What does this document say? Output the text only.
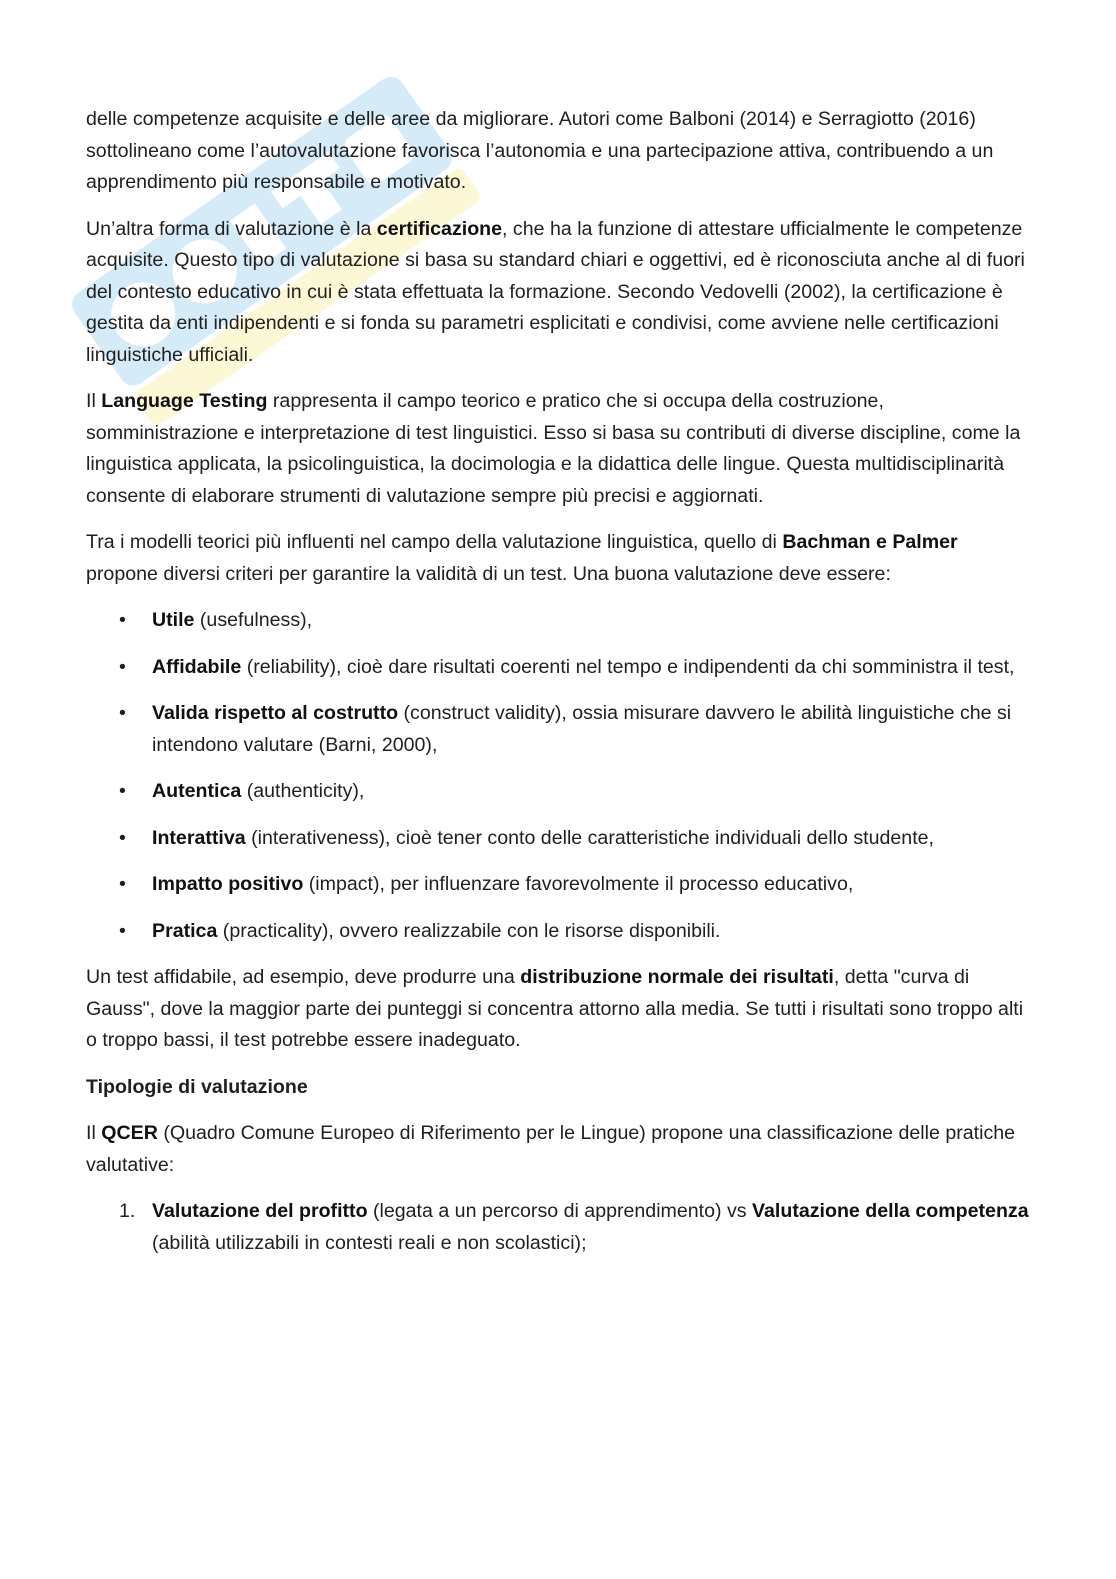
delle competenze acquisite e delle aree da migliorare. Autori come Balboni (2014) e Serragiotto (2016) sottolineano come l’autovalutazione favorisca l’autonomia e una partecipazione attiva, contribuendo a un apprendimento più responsabile e motivato.

Un’altra forma di valutazione è la certificazione, che ha la funzione di attestare ufficialmente le competenze acquisite. Questo tipo di valutazione si basa su standard chiari e oggettivi, ed è riconosciuta anche al di fuori del contesto educativo in cui è stata effettuata la formazione. Secondo Vedovelli (2002), la certificazione è gestita da enti indipendenti e si fonda su parametri esplicitati e condivisi, come avviene nelle certificazioni linguistiche ufficiali.

Il Language Testing rappresenta il campo teorico e pratico che si occupa della costruzione, somministrazione e interpretazione di test linguistici. Esso si basa su contributi di diverse discipline, come la linguistica applicata, la psicolinguistica, la docimologia e la didattica delle lingue. Questa multidisciplinarità consente di elaborare strumenti di valutazione sempre più precisi e aggiornati.

Tra i modelli teorici più influenti nel campo della valutazione linguistica, quello di Bachman e Palmer propone diversi criteri per garantire la validità di un test. Una buona valutazione deve essere:

• Utile (usefulness),
• Affidabile (reliability), cioè dare risultati coerenti nel tempo e indipendenti da chi somministra il test,
• Valida rispetto al costrutto (construct validity), ossia misurare davvero le abilità linguistiche che si intendono valutare (Barni, 2000),
• Autentica (authenticity),
• Interattiva (interativeness), cioè tener conto delle caratteristiche individuali dello studente,
• Impatto positivo (impact), per influenzare favorevolmente il processo educativo,
• Pratica (practicality), ovvero realizzabile con le risorse disponibili.

Un test affidabile, ad esempio, deve produrre una distribuzione normale dei risultati, detta "curva di Gauss", dove la maggior parte dei punteggi si concentra attorno alla media. Se tutti i risultati sono troppo alti o troppo bassi, il test potrebbe essere inadeguato.

Tipologie di valutazione

Il QCER (Quadro Comune Europeo di Riferimento per le Lingue) propone una classificazione delle pratiche valutative:

1. Valutazione del profitto (legata a un percorso di apprendimento) vs Valutazione della competenza (abilità utilizzabili in contesti reali e non scolastici);
